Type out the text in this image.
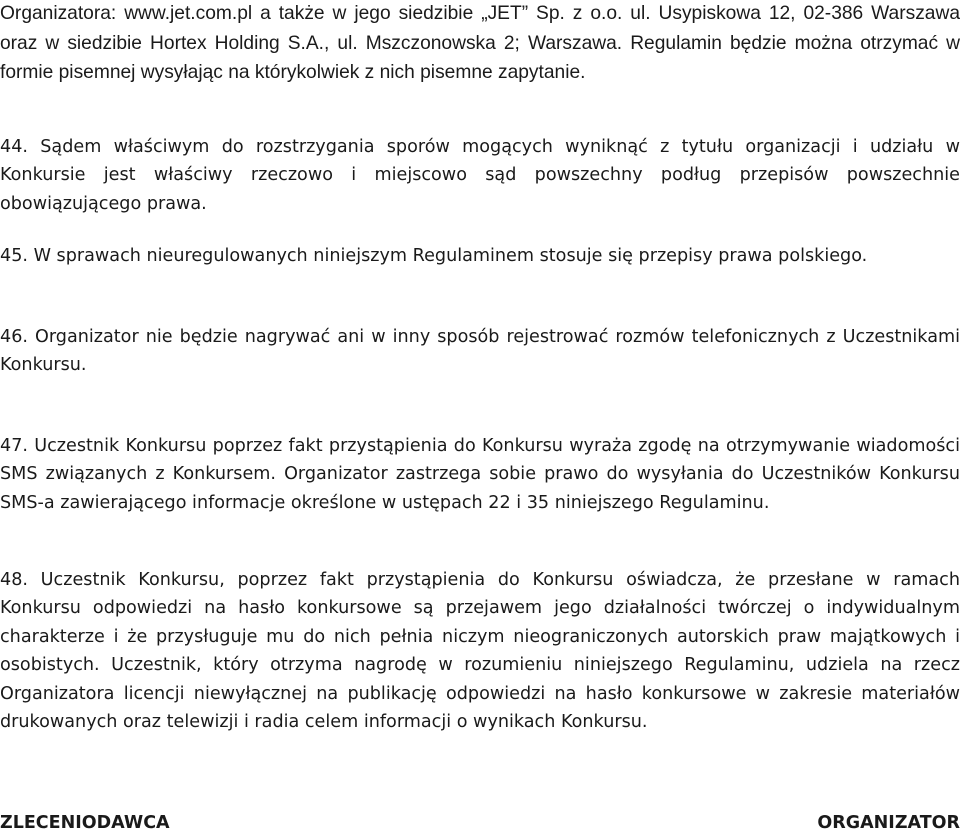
Organizatora: www.jet.com.pl a także w jego siedzibie „JET” Sp. z o.o. ul. Usypiskowa 12, 02-386 Warszawa oraz w siedzibie Hortex Holding S.A., ul. Mszczonowska 2; Warszawa. Regulamin będzie można otrzymać w formie pisemnej wysyłając na którykolwiek z nich pisemne zapytanie.

44. Sądem właściwym do rozstrzygania sporów mogących wyniknąć z tytułu organizacji i udziału w Konkursie jest właściwy rzeczowo i miejscowo sąd powszechny podług przepisów powszechnie obowiązującego prawa.

45. W sprawach nieuregulowanych niniejszym Regulaminem stosuje się przepisy prawa polskiego.

46. Organizator nie będzie nagrywać ani w inny sposób rejestrować rozmów telefonicznych z Uczestnikami Konkursu.

47. Uczestnik Konkursu poprzez fakt przystąpienia do Konkursu wyraża zgodę na otrzymywanie wiadomości SMS związanych z Konkursem. Organizator zastrzega sobie prawo do wysyłania do Uczestników Konkursu SMS-a zawierającego informacje określone w ustępach 22 i 35 niniejszego Regulaminu.

48. Uczestnik Konkursu, poprzez fakt przystąpienia do Konkursu oświadcza, że przesłane w ramach Konkursu odpowiedzi na hasło konkursowe są przejawem jego działalności twórczej o indywidualnym charakterze i że przysługuje mu do nich pełnia niczym nieograniczonych autorskich praw majątkowych i osobistych. Uczestnik, który otrzyma nagrodę w rozumieniu niniejszego Regulaminu, udziela na rzecz Organizatora licencji niewyłącznej na publikację odpowiedzi na hasło konkursowe w zakresie materiałów drukowanych oraz telewizji i radia celem informacji o wynikach Konkursu.

ZLECENIODAWCA	ORGANIZATOR
